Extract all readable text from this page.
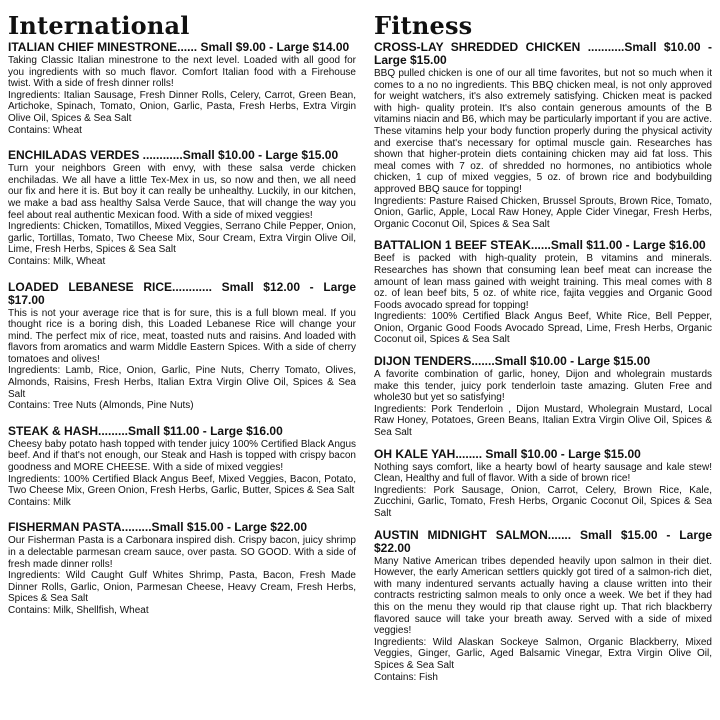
International
ITALIAN CHIEF MINESTRONE...... Small $9.00 - Large $14.00
Taking Classic Italian minestrone to the next level. Loaded with all good for you ingredients with so much flavor. Comfort Italian food with a Firehouse twist. With a side of fresh dinner rolls!
Ingredients: Italian Sausage, Fresh Dinner Rolls, Celery, Carrot, Green Bean, Artichoke, Spinach, Tomato, Onion, Garlic, Pasta, Fresh Herbs, Extra Virgin Olive Oil, Spices & Sea Salt
Contains: Wheat
ENCHILADAS VERDES ............Small $10.00 - Large $15.00
Turn your neighbors Green with envy, with these salsa verde chicken enchiladas. We all have a little Tex-Mex in us, so now and then, we all need our fix and here it is. But boy it can really be unhealthy. Luckily, in our kitchen, we make a bad ass healthy Salsa Verde Sauce, that will change the way you feel about real authentic Mexican food. With a side of mixed veggies!
Ingredients: Chicken, Tomatillos, Mixed Veggies, Serrano Chile Pepper, Onion, garlic, Tortillas, Tomato, Two Cheese Mix, Sour Cream, Extra Virgin Olive Oil, Lime, Fresh Herbs, Spices & Sea Salt
Contains: Milk, Wheat
LOADED LEBANESE RICE............ Small $12.00 - Large $17.00
This is not your average rice that is for sure, this is a full blown meal. If you thought rice is a boring dish, this Loaded Lebanese Rice will change your mind. The perfect mix of rice, meat, toasted nuts and raisins. And loaded with flavors from aromatics and warm Middle Eastern Spices. With a side of cherry tomatoes and olives!
Ingredients: Lamb, Rice, Onion, Garlic, Pine Nuts, Cherry Tomato, Olives, Almonds, Raisins, Fresh Herbs, Italian Extra Virgin Olive Oil, Spices & Sea Salt
Contains: Tree Nuts (Almonds, Pine Nuts)
STEAK & HASH.........Small $11.00 - Large $16.00
Cheesy baby potato hash topped with tender juicy 100% Certified Black Angus beef. And if that's not enough, our Steak and Hash is topped with crispy bacon goodness and MORE CHEESE. With a side of mixed veggies!
Ingredients: 100% Certified Black Angus Beef, Mixed Veggies, Bacon, Potato, Two Cheese Mix, Green Onion, Fresh Herbs, Garlic, Butter, Spices & Sea Salt
Contains: Milk
FISHERMAN PASTA.........Small $15.00 - Large $22.00
Our Fisherman Pasta is a Carbonara inspired dish. Crispy bacon, juicy shrimp in a delectable parmesan cream sauce, over pasta. SO GOOD. With a side of fresh made dinner rolls!
Ingredients: Wild Caught Gulf Whites Shrimp, Pasta, Bacon, Fresh Made Dinner Rolls, Garlic, Onion, Parmesan Cheese, Heavy Cream, Fresh Herbs, Spices & Sea Salt
Contains: Milk, Shellfish, Wheat
Fitness
CROSS-LAY SHREDDED CHICKEN ...........Small $10.00 - Large $15.00
BBQ pulled chicken is one of our all time favorites, but not so much when it comes to a no no ingredients. This BBQ chicken meal, is not only approved for weight watchers, it's also extremely satisfying. Chicken meat is packed with high- quality protein. It's also contain generous amounts of the B vitamins niacin and B6, which may be particularly important if you are active. These vitamins help your body function properly during the physical activity and exercise that's necessary for optimal muscle gain. Researches has shown that higher-protein diets containing chicken may aid fat loss. This meal comes with 7 oz. of shredded no hormones, no antibiotics whole chicken, 1 cup of mixed veggies, 5 oz. of brown rice and bodybuilding approved BBQ sauce for topping!
Ingredients: Pasture Raised Chicken, Brussel Sprouts, Brown Rice, Tomato, Onion, Garlic, Apple, Local Raw Honey, Apple Cider Vinegar, Fresh Herbs, Organic Coconut Oil, Spices & Sea Salt
BATTALION 1 BEEF STEAK......Small $11.00 - Large $16.00
Beef is packed with high-quality protein, B vitamins and minerals. Researches has shown that consuming lean beef meat can increase the amount of lean mass gained with weight training. This meal comes with 8 oz. of lean beef bits, 5 oz. of white rice, fajita veggies and Organic Good Foods avocado spread for topping!
Ingredients: 100% Certified Black Angus Beef, White Rice, Bell Pepper, Onion, Organic Good Foods Avocado Spread, Lime, Fresh Herbs, Organic Coconut oil, Spices & Sea Salt
DIJON TENDERS.......Small $10.00 - Large $15.00
A favorite combination of garlic, honey, Dijon and wholegrain mustards make this tender, juicy pork tenderloin taste amazing. Gluten Free and whole30 but yet so satisfying!
Ingredients: Pork Tenderloin , Dijon Mustard, Wholegrain Mustard, Local Raw Honey, Potatoes, Green Beans, Italian Extra Virgin Olive Oil, Spices & Sea Salt
OH KALE YAH........ Small $10.00 - Large $15.00
Nothing says comfort, like a hearty bowl of hearty sausage and kale stew! Clean, Healthy and full of flavor. With a side of brown rice!
Ingredients: Pork Sausage, Onion, Carrot, Celery, Brown Rice, Kale, Zucchini, Garlic, Tomato, Fresh Herbs, Organic Coconut Oil, Spices & Sea Salt
AUSTIN MIDNIGHT SALMON....... Small $15.00 - Large $22.00
Many Native American tribes depended heavily upon salmon in their diet. However, the early American settlers quickly got tired of a salmon-rich diet, with many indentured servants actually having a clause written into their contracts restricting salmon meals to only once a week. We bet if they had this on the menu they would rip that clause right up. That rich blackberry flavored sauce will take your breath away. Served with a side of mixed veggies!
Ingredients: Wild Alaskan Sockeye Salmon, Organic Blackberry, Mixed Veggies, Ginger, Garlic, Aged Balsamic Vinegar, Extra Virgin Olive Oil, Spices & Sea Salt
Contains: Fish
